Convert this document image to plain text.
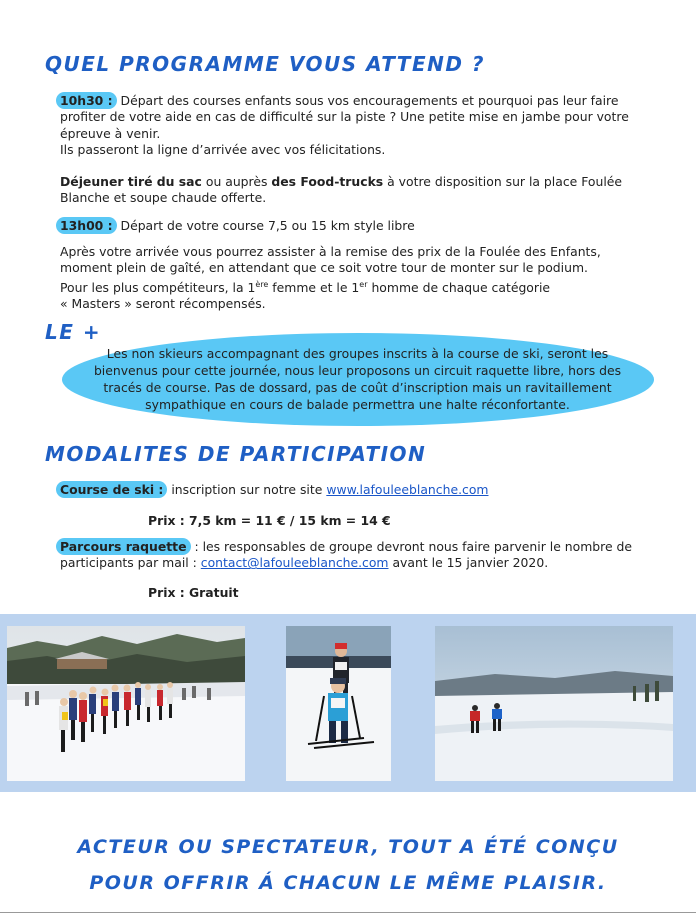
QUEL PROGRAMME VOUS ATTEND ?

10h30 : Départ des courses enfants sous vos encouragements et pourquoi pas leur faire
profiter de votre aide en cas de difficulté sur la piste ? Une petite mise en jambe pour votre
épreuve à venir.
Ils passeront la ligne d’arrivée avec vos félicitations.

Déjeuner tiré du sac ou auprès des Food-trucks à votre disposition sur la place Foulée
Blanche et soupe chaude offerte.

13h00 : Départ de votre course 7,5 ou 15 km style libre

Après votre arrivée vous pourrez assister à la remise des prix de la Foulée des Enfants,
moment plein de gaîté, en attendant que ce soit votre tour de monter sur le podium.
Pour les plus compétiteurs, la 1ère femme et le 1er homme de chaque catégorie
« Masters » seront récompensés.

LE +

Les non skieurs accompagnant des groupes inscrits à la course de ski, seront les
bienvenus pour cette journée, nous leur proposons un circuit raquette libre, hors des
tracés de course. Pas de dossard, pas de coût d’inscription mais un ravitaillement
sympathique en cours de balade permettra une halte réconfortante.

MODALITES DE PARTICIPATION

Course de ski : inscription sur notre site www.lafouleeblanche.com

Prix : 7,5 km = 11 € / 15 km = 14 €

Parcours raquette : les responsables de groupe devront nous faire parvenir le nombre de
participants par mail : contact@lafouleeblanche.com avant le 15 janvier 2020.

Prix : Gratuit

ACTEUR OU SPECTATEUR, TOUT A ÉTÉ CONÇU

POUR OFFRIR Á CHACUN LE MÊME PLAISIR.
